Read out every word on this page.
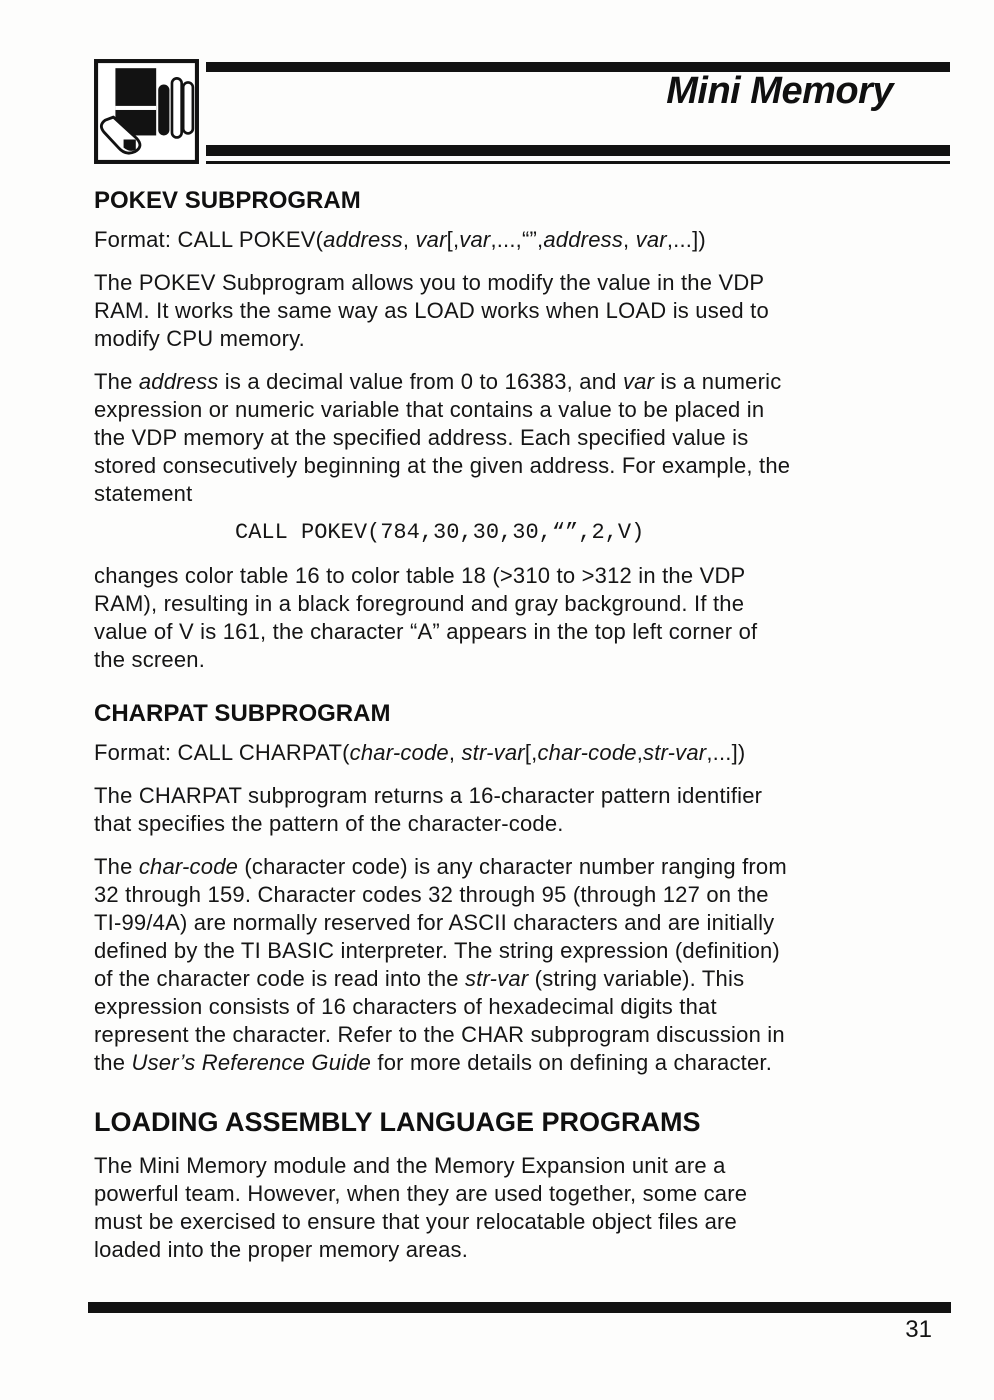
Mini Memory
POKEV SUBPROGRAM

Format: CALL POKEV(address, var[,var,...,“”,address, var,...])

The POKEV Subprogram allows you to modify the value in the VDP
RAM. It works the same way as LOAD works when LOAD is used to
modify CPU memory.

The address is a decimal value from 0 to 16383, and var is a numeric
expression or numeric variable that contains a value to be placed in
the VDP memory at the specified address. Each specified value is
stored consecutively beginning at the given address. For example, the
statement

CALL POKEV(784,30,30,30,“”,2,V)

changes color table 16 to color table 18 (>310 to >312 in the VDP
RAM), resulting in a black foreground and gray background. If the
value of V is 161, the character “A” appears in the top left corner of
the screen.

CHARPAT SUBPROGRAM

Format: CALL CHARPAT(char-code, str-var[,char-code,str-var,...])

The CHARPAT subprogram returns a 16-character pattern identifier
that specifies the pattern of the character-code.

The char-code (character code) is any character number ranging from
32 through 159. Character codes 32 through 95 (through 127 on the
TI-99/4A) are normally reserved for ASCII characters and are initially
defined by the TI BASIC interpreter. The string expression (definition)
of the character code is read into the str-var (string variable). This
expression consists of 16 characters of hexadecimal digits that
represent the character. Refer to the CHAR subprogram discussion in
the User’s Reference Guide for more details on defining a character.

LOADING ASSEMBLY LANGUAGE PROGRAMS

The Mini Memory module and the Memory Expansion unit are a
powerful team. However, when they are used together, some care
must be exercised to ensure that your relocatable object files are
loaded into the proper memory areas.

31
